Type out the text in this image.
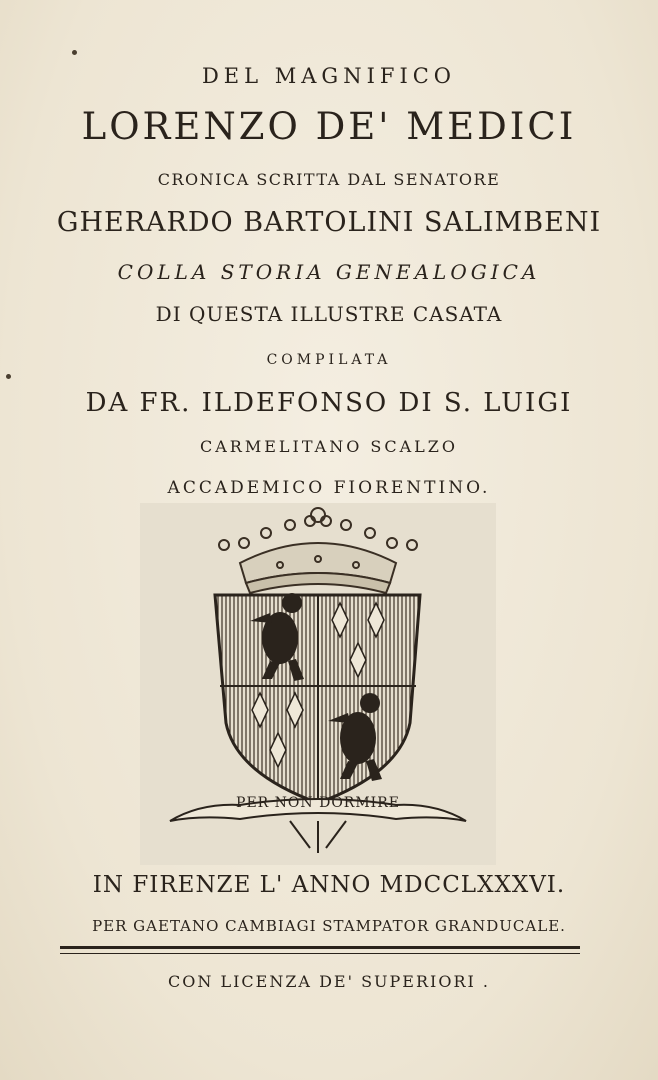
DEL MAGNIFICO
LORENZO DE' MEDICI
CRONICA SCRITTA DAL SENATORE
GHERARDO BARTOLINI SALIMBENI
COLLA STORIA GENEALOGICA
DI QUESTA ILLUSTRE CASATA
COMPILATA
DA FR. ILDEFONSO DI S. LUIGI
CARMELITANO SCALZO
ACCADEMICO FIORENTINO.
PER NON DORMIRE
IN FIRENZE L' ANNO MDCCLXXXVI.
PER GAETANO CAMBIAGI STAMPATOR GRANDUCALE.
CON LICENZA DE' SUPERIORI .
